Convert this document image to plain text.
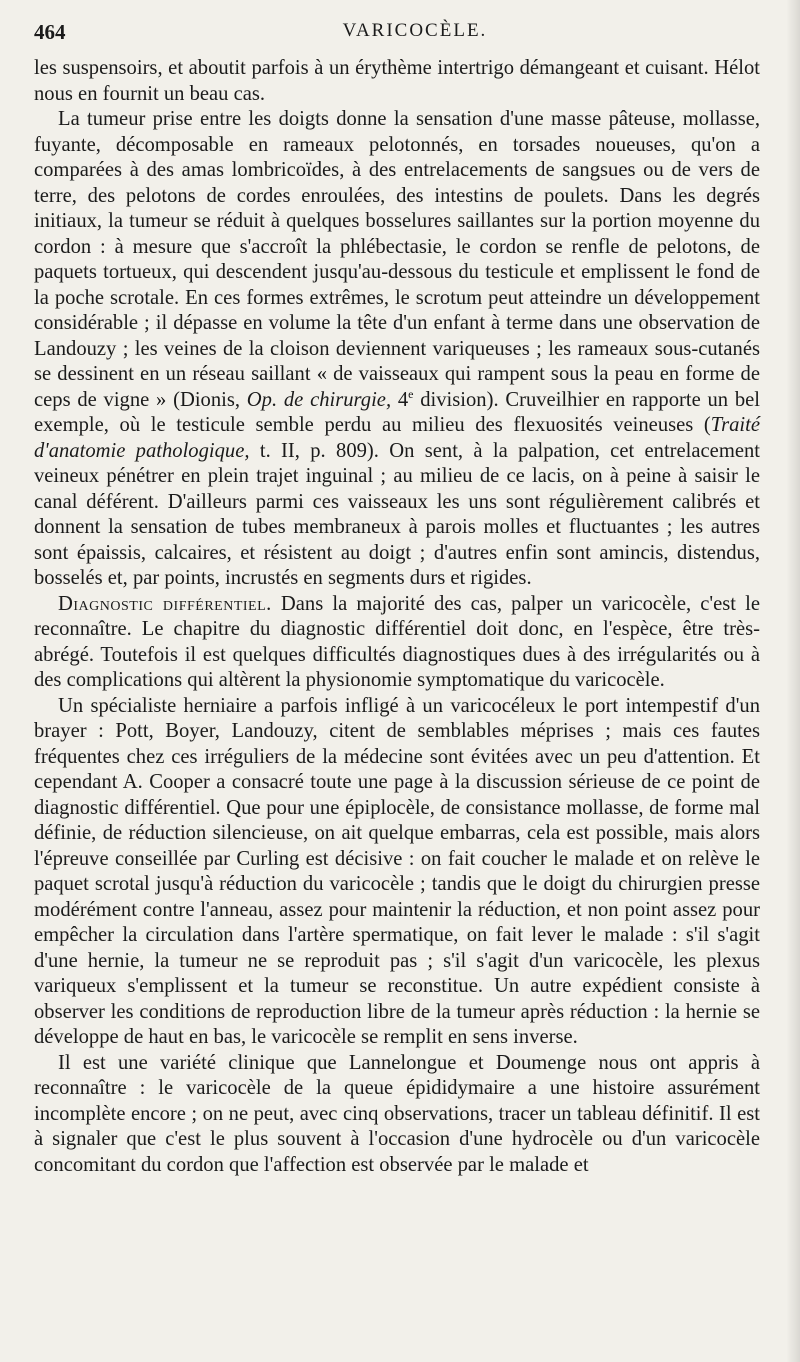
464	VARICOCÈLE.

les suspensoirs, et aboutit parfois à un érythème intertrigo démangeant et cuisant. Hélot nous en fournit un beau cas.

La tumeur prise entre les doigts donne la sensation d'une masse pâteuse, mollasse, fuyante, décomposable en rameaux pelotonnés, en torsades noueuses, qu'on a comparées à des amas lombricoïdes, à des entrelacements de sangsues ou de vers de terre, des pelotons de cordes enroulées, des intestins de poulets. Dans les degrés initiaux, la tumeur se réduit à quelques bosselures saillantes sur la portion moyenne du cordon : à mesure que s'accroît la phlébectasie, le cordon se renfle de pelotons, de paquets tortueux, qui descendent jusqu'au-dessous du testicule et emplissent le fond de la poche scrotale. En ces formes extrêmes, le scrotum peut atteindre un développement considérable ; il dépasse en volume la tête d'un enfant à terme dans une observation de Landouzy ; les veines de la cloison deviennent variqueuses ; les rameaux sous-cutanés se dessinent en un réseau saillant « de vaisseaux qui rampent sous la peau en forme de ceps de vigne » (Dionis, Op. de chirurgie, 4e division). Cruveilhier en rapporte un bel exemple, où le testicule semble perdu au milieu des flexuosités veineuses (Traité d'anatomie pathologique, t. II, p. 809). On sent, à la palpation, cet entrelacement veineux pénétrer en plein trajet inguinal ; au milieu de ce lacis, on à peine à saisir le canal déférent. D'ailleurs parmi ces vaisseaux les uns sont régulièrement calibrés et donnent la sensation de tubes membraneux à parois molles et fluctuantes ; les autres sont épaissis, calcaires, et résistent au doigt ; d'autres enfin sont amincis, distendus, bosselés et, par points, incrustés en segments durs et rigides.

Diagnostic différentiel. Dans la majorité des cas, palper un varicocèle, c'est le reconnaître. Le chapitre du diagnostic différentiel doit donc, en l'espèce, être très-abrégé. Toutefois il est quelques difficultés diagnostiques dues à des irrégularités ou à des complications qui altèrent la physionomie symptomatique du varicocèle.

Un spécialiste herniaire a parfois infligé à un varicocéleux le port intempestif d'un brayer : Pott, Boyer, Landouzy, citent de semblables méprises ; mais ces fautes fréquentes chez ces irréguliers de la médecine sont évitées avec un peu d'attention. Et cependant A. Cooper a consacré toute une page à la discussion sérieuse de ce point de diagnostic différentiel. Que pour une épiplocèle, de consistance mollasse, de forme mal définie, de réduction silencieuse, on ait quelque embarras, cela est possible, mais alors l'épreuve conseillée par Curling est décisive : on fait coucher le malade et on relève le paquet scrotal jusqu'à réduction du varicocèle ; tandis que le doigt du chirurgien presse modérément contre l'anneau, assez pour maintenir la réduction, et non point assez pour empêcher la circulation dans l'artère spermatique, on fait lever le malade : s'il s'agit d'une hernie, la tumeur ne se reproduit pas ; s'il s'agit d'un varicocèle, les plexus variqueux s'emplissent et la tumeur se reconstitue. Un autre expédient consiste à observer les conditions de reproduction libre de la tumeur après réduction : la hernie se développe de haut en bas, le varicocèle se remplit en sens inverse.

Il est une variété clinique que Lannelongue et Doumenge nous ont appris à reconnaître : le varicocèle de la queue épididymaire a une histoire assurément incomplète encore ; on ne peut, avec cinq observations, tracer un tableau définitif. Il est à signaler que c'est le plus souvent à l'occasion d'une hydrocèle ou d'un varicocèle concomitant du cordon que l'affection est observée par le malade et
